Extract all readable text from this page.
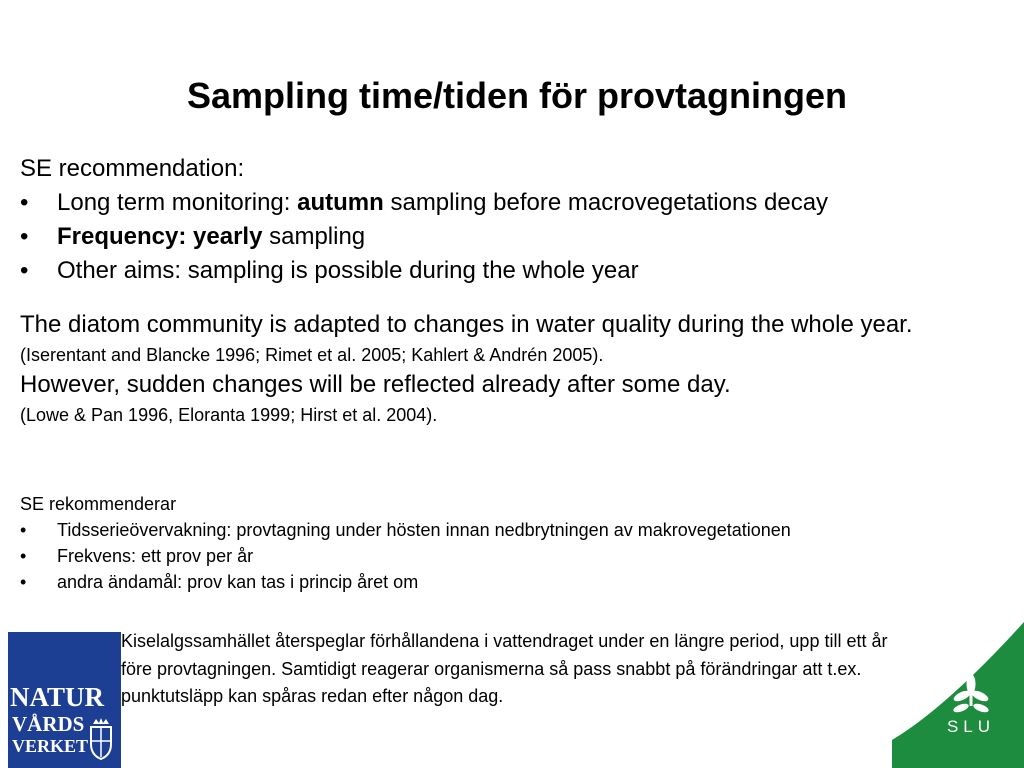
Sampling time/tiden för provtagningen
SE recommendation:
• Long term monitoring: autumn sampling before macrovegetations decay
• Frequency: yearly sampling
• Other aims: sampling is possible during the whole year

The diatom community is adapted to changes in water quality during the whole year.

(Iserentant and Blancke 1996; Rimet et al. 2005; Kahlert & Andrén 2005).

However, sudden changes will be reflected already after some day.

(Lowe & Pan 1996, Eloranta 1999; Hirst et al. 2004).

SE rekommenderar
• Tidsserieövervakning: provtagning under hösten innan nedbrytningen av makrovegetationen
• Frekvens: ett prov per år
• andra ändamål: prov kan tas i princip året om
Kiselalgssamhället återspeglar förhållandena i vattendraget under en längre period, upp till ett år före provtagningen. Samtidigt reagerar organismerna så pass snabbt på förändringar att t.ex. punktutsläpp kan spåras redan efter någon dag.
NATUR
VÅRDS
VERKET
SLU
